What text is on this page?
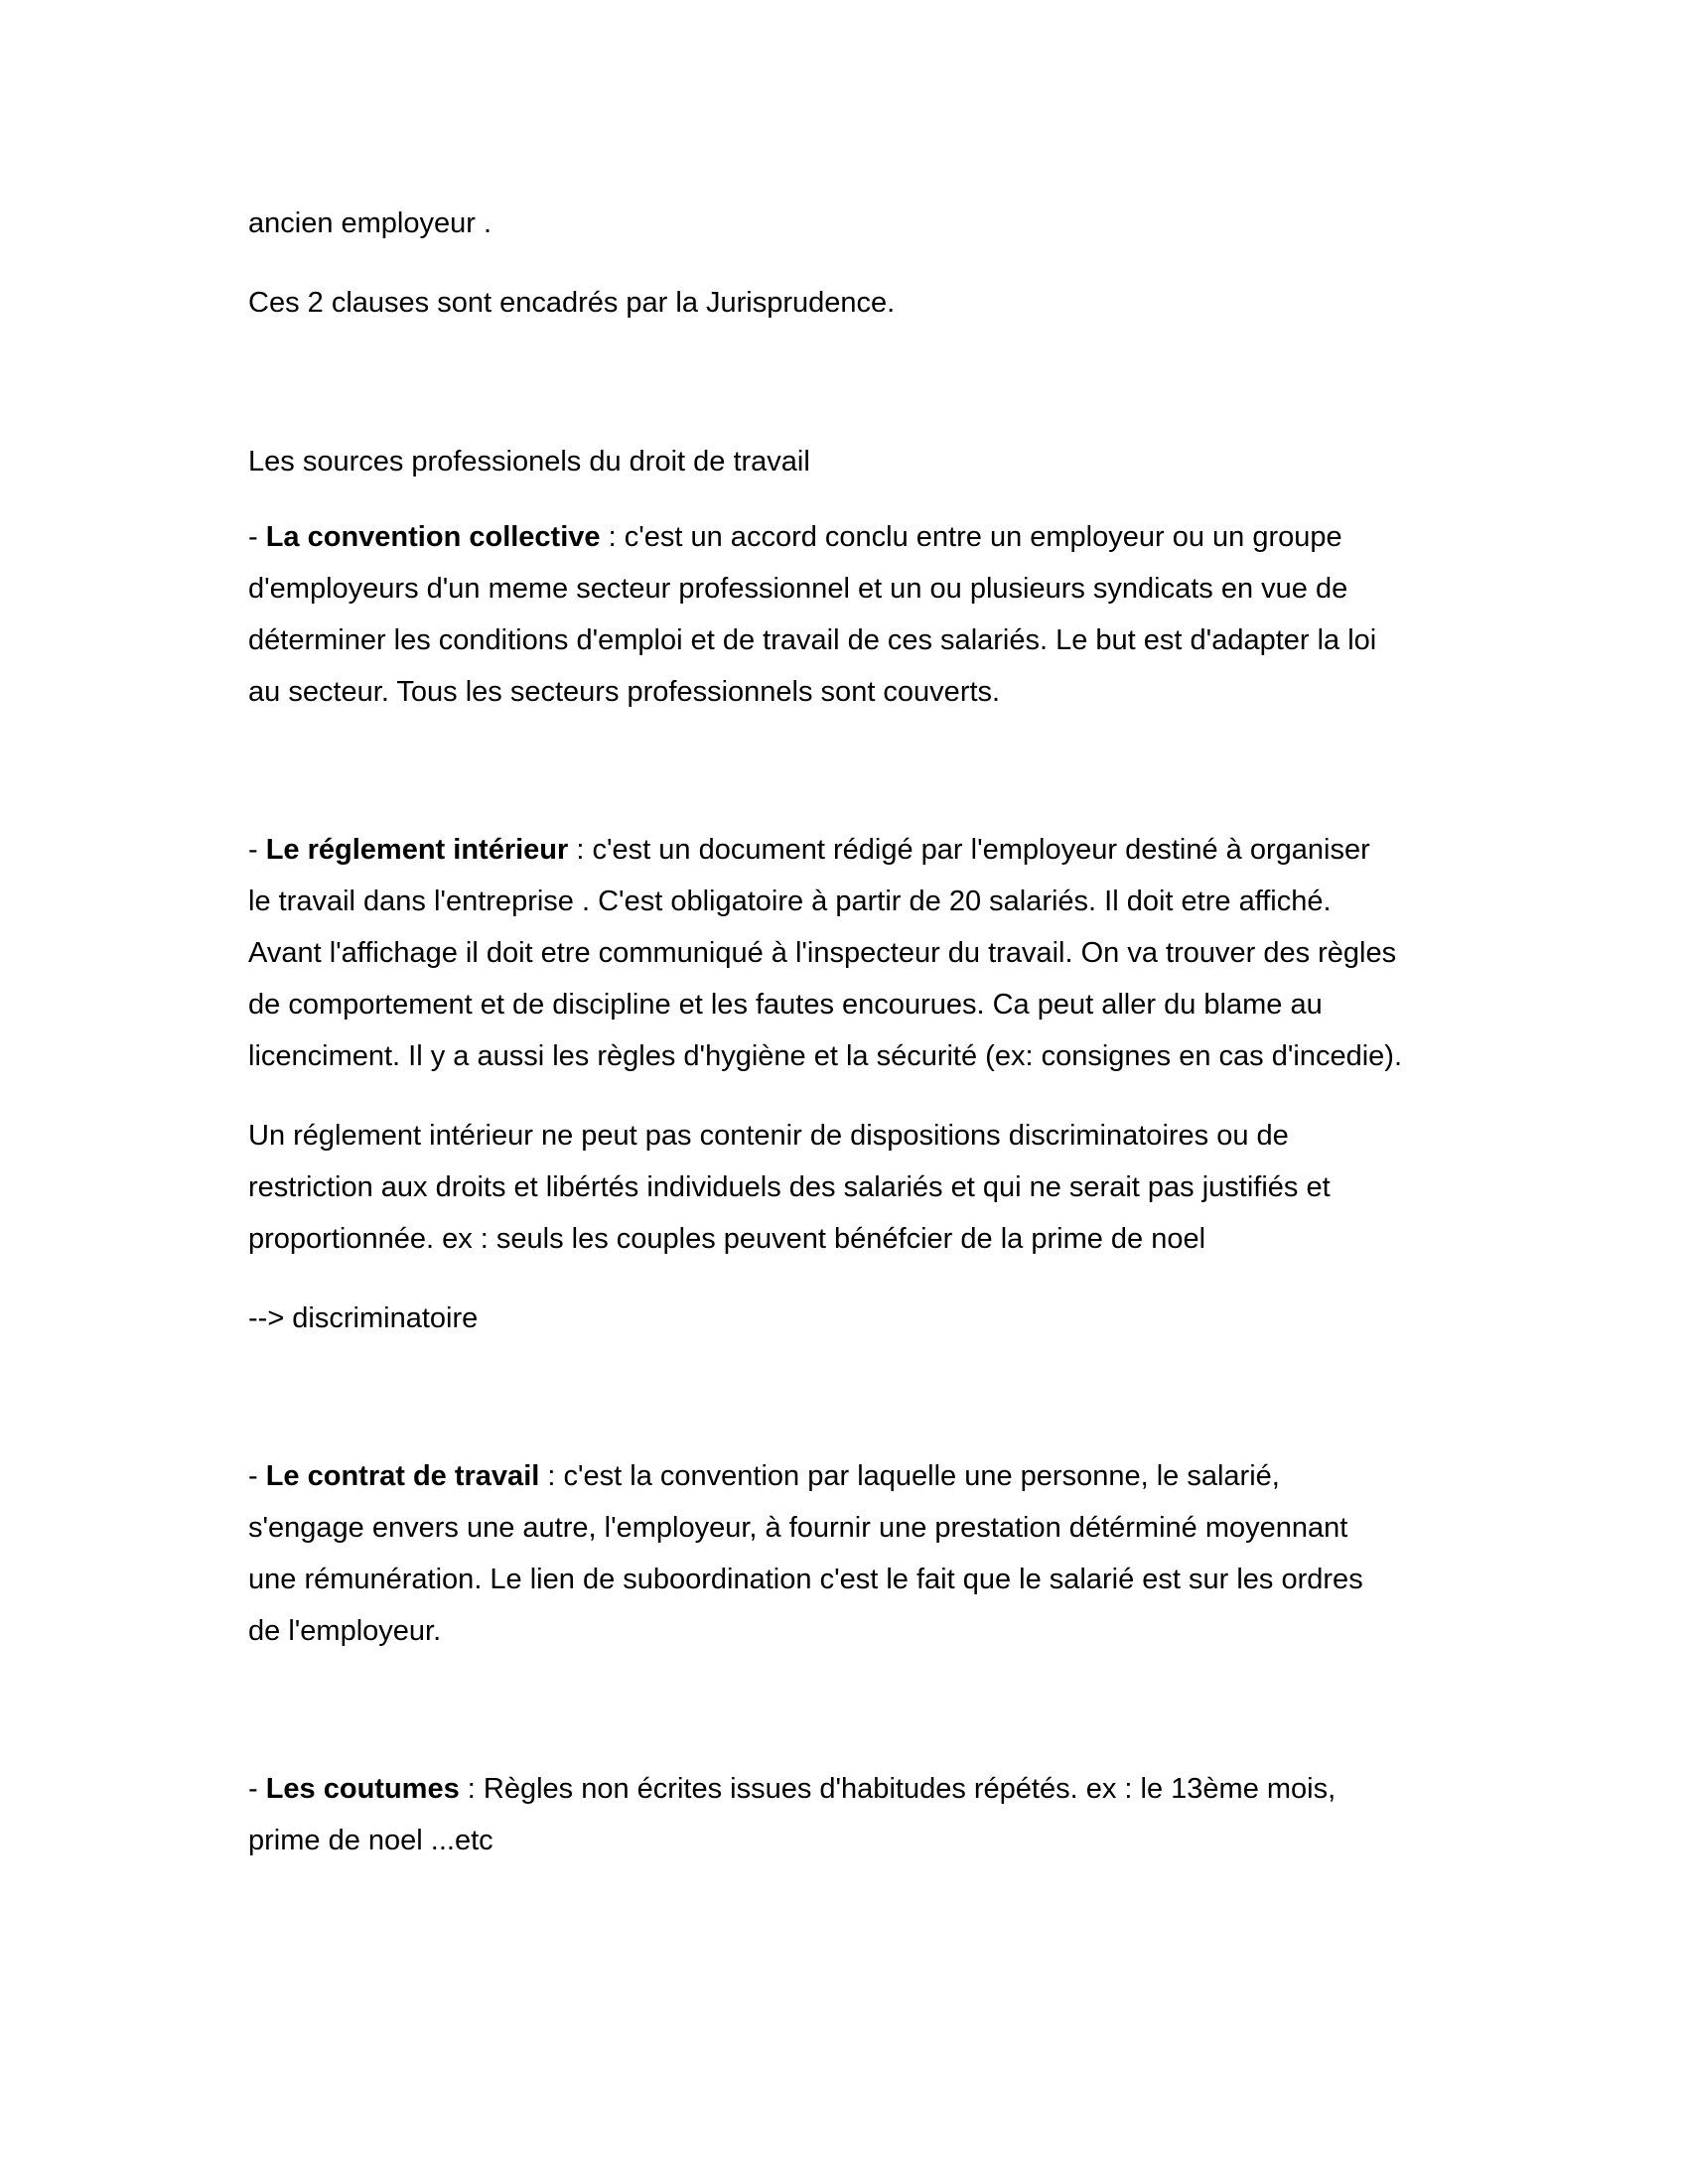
ancien employeur .

Ces 2 clauses sont encadrés par la Jurisprudence.

Les sources professionels du droit de travail

- La convention collective : c'est un accord conclu entre un employeur ou un groupe

d'employeurs d'un meme secteur professionnel et un ou plusieurs syndicats en vue de

déterminer les conditions d'emploi et de travail de ces salariés. Le but est d'adapter la loi

au secteur. Tous les secteurs professionnels sont couverts.

- Le réglement intérieur : c'est un document rédigé par l'employeur destiné à organiser

le travail dans l'entreprise . C'est obligatoire à partir de 20 salariés. Il doit etre affiché.

Avant l'affichage il doit etre communiqué à l'inspecteur du travail. On va trouver des règles

de comportement et de discipline et les fautes encourues. Ca peut aller du blame au

licenciment. Il y a aussi les règles d'hygiène et la sécurité (ex: consignes en cas d'incedie).

Un réglement intérieur ne peut pas contenir de dispositions discriminatoires ou de

restriction aux droits et libértés individuels des salariés et qui ne serait pas justifiés et

proportionnée. ex : seuls les couples peuvent bénéfcier de la prime de noel

--> discriminatoire

- Le contrat de travail : c'est la convention par laquelle une personne, le salarié,

s'engage envers une autre, l'employeur, à fournir une prestation détérminé moyennant

une rémunération. Le lien de suboordination c'est le fait que le salarié est sur les ordres

de l'employeur.

- Les coutumes : Règles non écrites issues d'habitudes répétés. ex : le 13ème mois,

prime de noel ...etc
